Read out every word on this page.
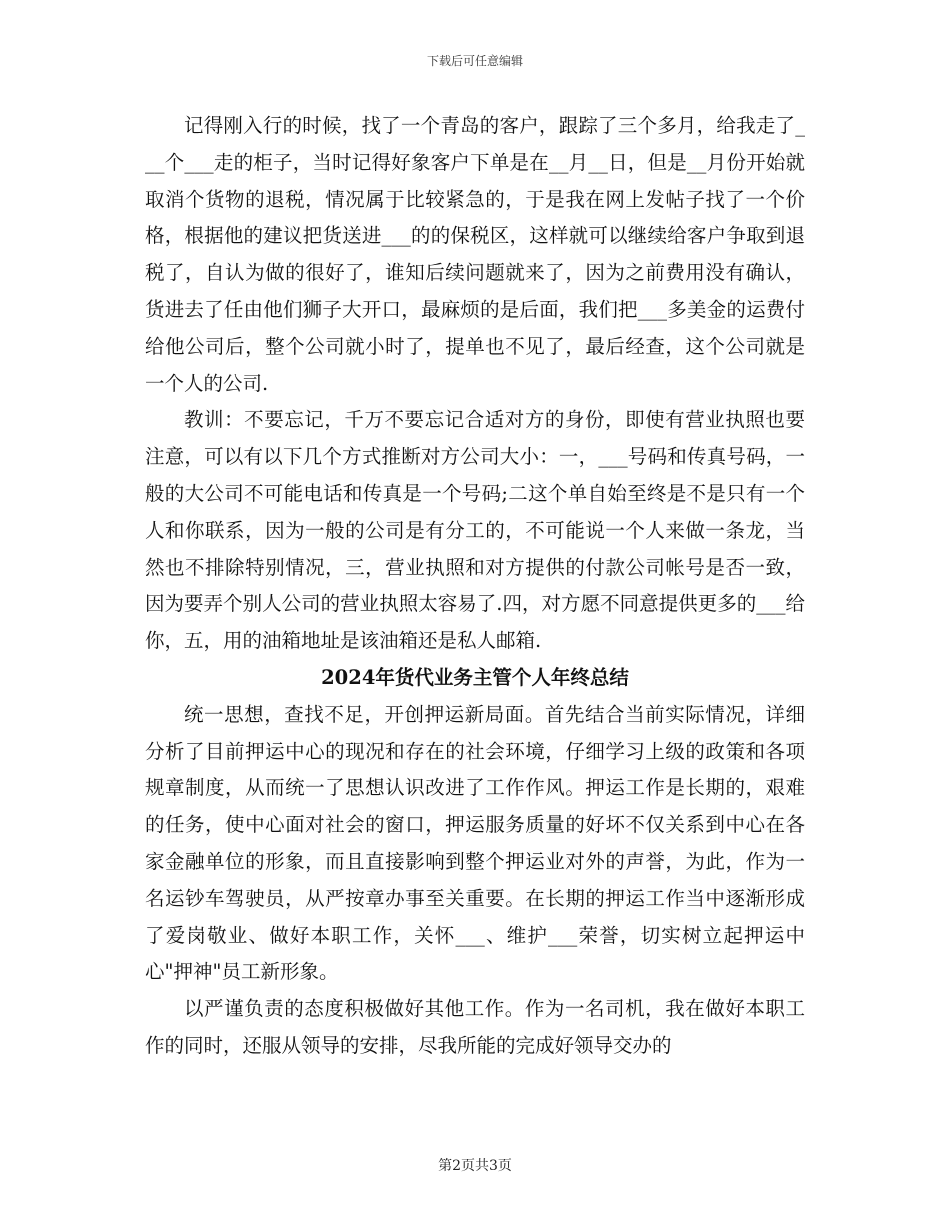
下载后可任意编辑

记得刚入行的时候，找了一个青岛的客户，跟踪了三个多月，给我走了___个___走的柜子，当时记得好象客户下单是在__月__日，但是__月份开始就取消个货物的退税，情况属于比较紧急的，于是我在网上发帖子找了一个价格，根据他的建议把货送进___的的保税区，这样就可以继续给客户争取到退税了，自认为做的很好了，谁知后续问题就来了，因为之前费用没有确认，货进去了任由他们狮子大开口，最麻烦的是后面，我们把___多美金的运费付给他公司后，整个公司就小时了，提单也不见了，最后经查，这个公司就是一个人的公司.

教训：不要忘记，千万不要忘记合适对方的身份，即使有营业执照也要注意，可以有以下几个方式推断对方公司大小：一，___号码和传真号码，一般的大公司不可能电话和传真是一个号码;二这个单自始至终是不是只有一个人和你联系，因为一般的公司是有分工的，不可能说一个人来做一条龙，当然也不排除特别情况，三，营业执照和对方提供的付款公司帐号是否一致，因为要弄个别人公司的营业执照太容易了.四，对方愿不同意提供更多的___给你，五，用的油箱地址是该油箱还是私人邮箱.

2024年货代业务主管个人年终总结

统一思想，查找不足，开创押运新局面。首先结合当前实际情况，详细分析了目前押运中心的现况和存在的社会环境，仔细学习上级的政策和各项规章制度，从而统一了思想认识改进了工作作风。押运工作是长期的，艰难的任务，使中心面对社会的窗口，押运服务质量的好坏不仅关系到中心在各家金融单位的形象，而且直接影响到整个押运业对外的声誉，为此，作为一名运钞车驾驶员，从严按章办事至关重要。在长期的押运工作当中逐渐形成了爱岗敬业、做好本职工作，关怀___、维护___荣誉，切实树立起押运中心"押神"员工新形象。

以严谨负责的态度积极做好其他工作。作为一名司机，我在做好本职工作的同时，还服从领导的安排，尽我所能的完成好领导交办的

第2页共3页
